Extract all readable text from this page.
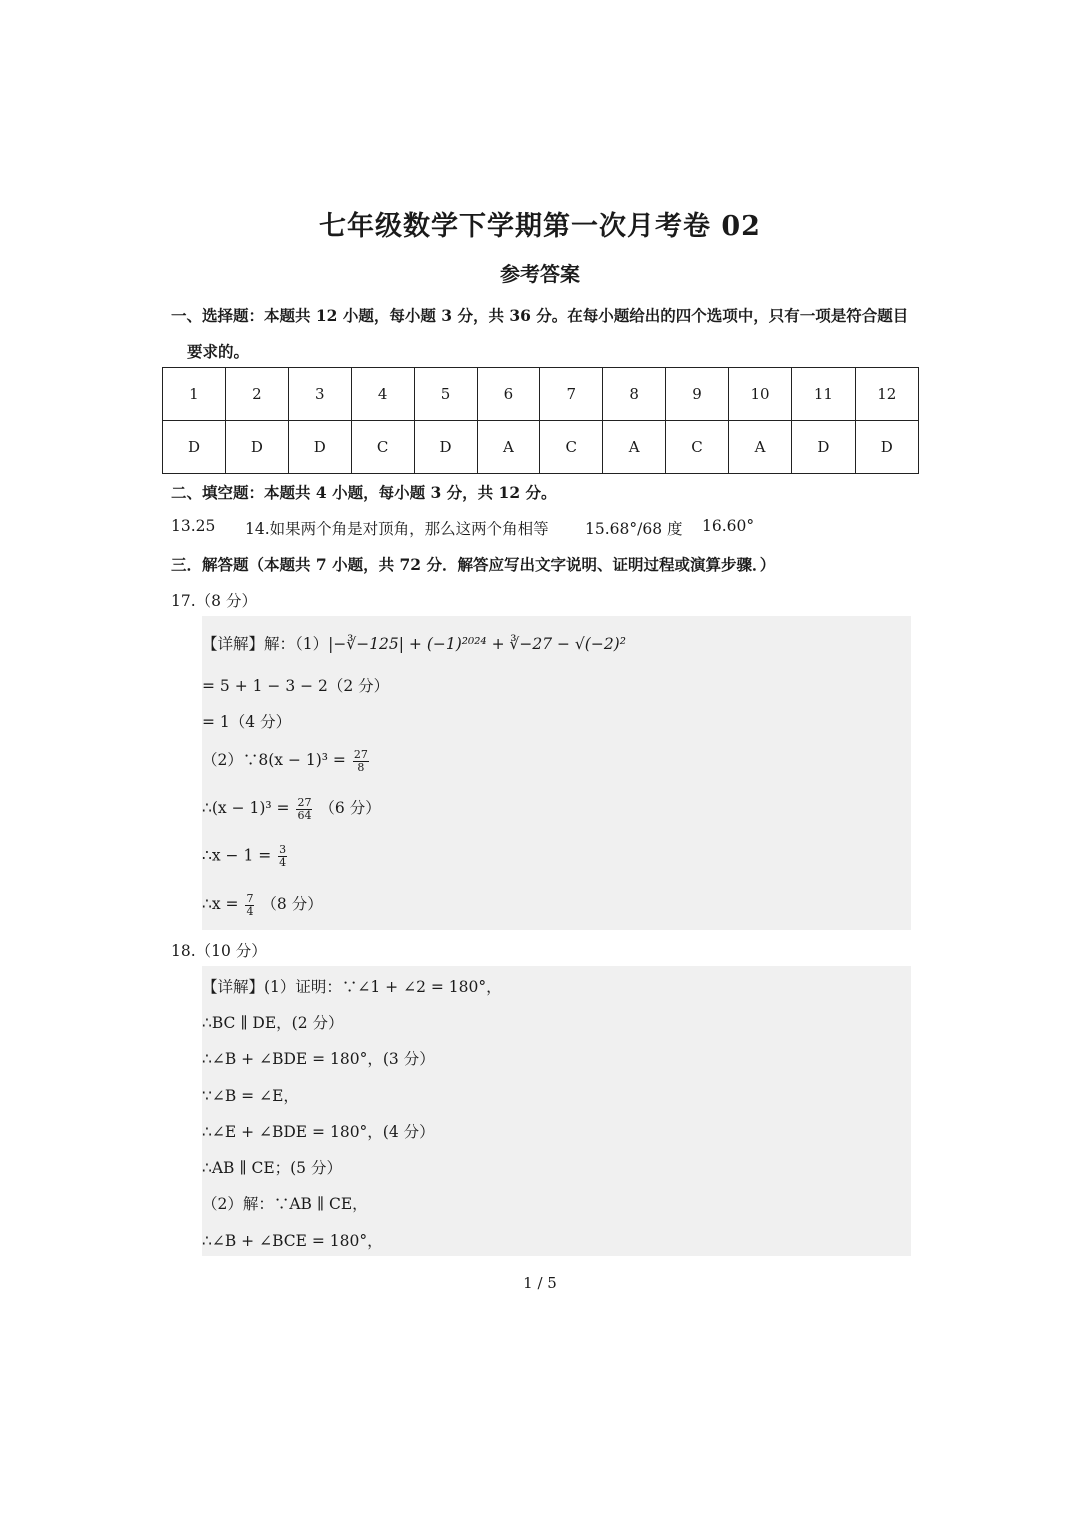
七年级数学下学期第一次月考卷 02
参考答案
一、选择题：本题共 12 小题，每小题 3 分，共 36 分。在每小题给出的四个选项中，只有一项是符合题目
要求的。
1	2	3	4	5	6	7	8	9	10	11	12
D	D	D	C	D	A	C	A	C	A	D	D
二、填空题：本题共 4 小题，每小题 3 分，共 12 分。
13.25 14.如果两个角是对顶角，那么这两个角相等 15.68°/68 度 16.60°
三．解答题（本题共 7 小题，共 72 分．解答应写出文字说明、证明过程或演算步骤．）
17.（8 分）
【详解】解：（1）|−∛−125| + (−1)²⁰²⁴ + ∛−27 − √(−2)²
= 5 + 1 − 3 − 2（2 分）
= 1（4 分）
（2）∵8(x − $1)^3 = \frac{27}{8}$
∴(x − $1)^3 = \frac{27}{64} (6$ 分）
∴x − $1 = \frac{3}{4}$
∴x = $\frac{7}{4} (8$ 分）
18.（10 分）
【详解】(1）证明：∵∠1 + ∠2 = 180°，
∴BC ∥ DE，(2 分）
∴∠B + ∠BDE = 180°，(3 分）
∵∠B = ∠E，
∴∠E + ∠BDE = 180°，(4 分）
∴AB ∥ CE；(5 分）
（2）解：∵AB ∥ CE，
∴∠B + ∠BCE = 180°，
1 / 5
